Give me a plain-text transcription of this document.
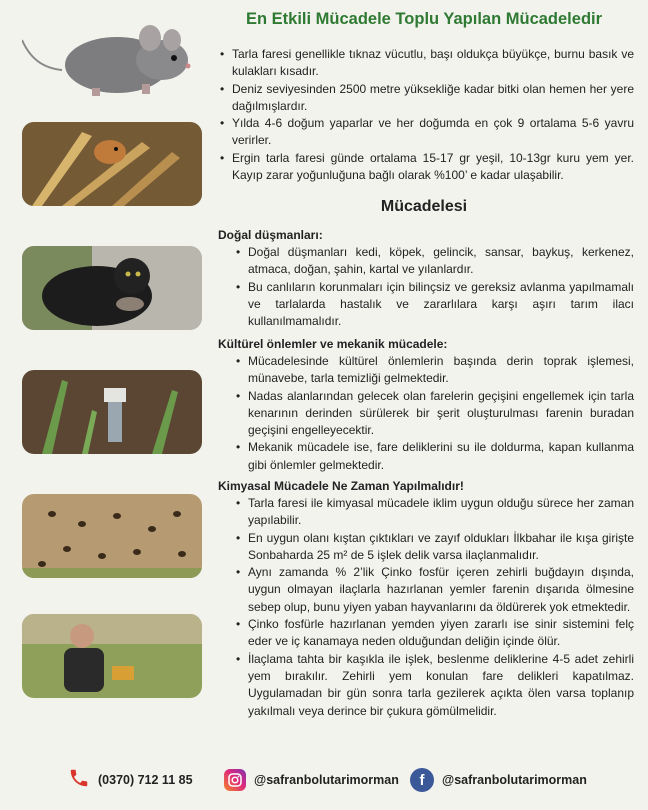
En Etkili Mücadele Toplu Yapılan Mücadeledir
• Tarla faresi genellikle tıknaz vücutlu, başı oldukça büyükçe, burnu basık ve kulakları kısadır.
• Deniz seviyesinden 2500 metre yüksekliğe kadar bitki olan hemen her yere dağılmışlardır.
• Yılda 4-6 doğum yaparlar ve her doğumda en çok 9 ortalama 5-6 yavru verirler.
• Ergin tarla faresi günde ortalama 15-17 gr yeşil, 10-13gr kuru yem yer. Kayıp zarar yoğunluğuna bağlı olarak %100’ e kadar ulaşabilir.
Mücadelesi
Doğal düşmanları:
• Doğal düşmanları kedi, köpek, gelincik, sansar, baykuş, kerkenez, atmaca, doğan, şahin, kartal ve yılanlardır.
• Bu canlıların korunmaları için bilinçsiz ve gereksiz avlanma yapılmamalı ve tarlalarda hastalık ve zararlılara karşı aşırı tarım ilacı kullanılmamalıdır.
Kültürel önlemler ve mekanik mücadele:
• Mücadelesinde kültürel önlemlerin başında derin toprak işlemesi, münavebe, tarla temizliği gelmektedir.
• Nadas alanlarından gelecek olan farelerin geçişini engellemek için tarla kenarının derinden sürülerek bir şerit oluşturulması farenin buradan geçişini engelleyecektir.
• Mekanik mücadele ise, fare deliklerini su ile doldurma, kapan kullanma gibi önlemler gelmektedir.
Kimyasal Mücadele Ne Zaman Yapılmalıdır!
• Tarla faresi ile kimyasal mücadele iklim uygun olduğu sürece her zaman yapılabilir.
• En uygun olanı kıştan çıktıkları ve zayıf oldukları İlkbahar ile kışa girişte Sonbaharda 25 m² de 5 işlek delik varsa ilaçlanmalıdır.
• Aynı zamanda % 2’lik Çinko fosfür içeren zehirli buğdayın dışında, uygun olmayan ilaçlarla hazırlanan yemler farenin dışarıda ölmesine sebep olup, bunu yiyen yaban hayvanlarını da öldürerek yok etmektedir.
• Çinko fosfürle hazırlanan yemden yiyen zararlı ise sinir sistemini felç eder ve iç kanamaya neden olduğundan deliğin içinde ölür.
• İlaçlama tahta bir kaşıkla ile işlek, beslenme deliklerine 4-5 adet zehirli yem bırakılır. Zehirli yem konulan fare delikleri kapatılmaz. Uygulamadan bir gün sonra tarla gezilerek açıkta ölen varsa toplanıp yakılmalı veya derince bir çukura gömülmelidir.
(0370) 712 11 85	@safranbolutarimorman	f	@safranbolutarimorman
